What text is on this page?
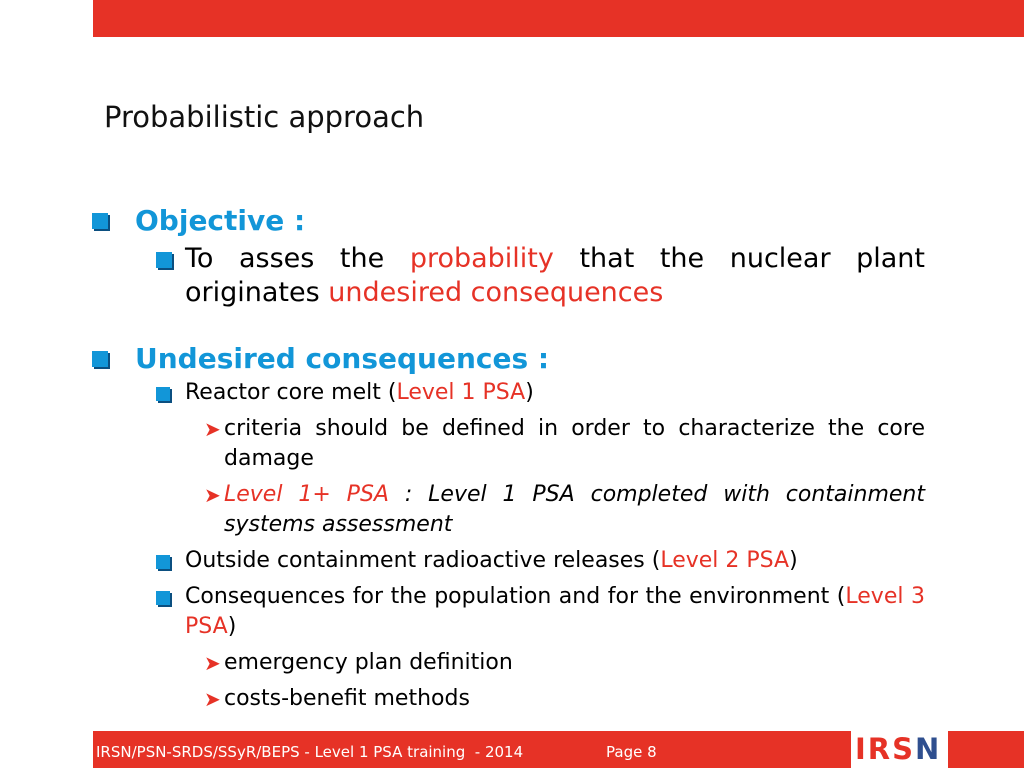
Probabilistic approach
Objective :
To asses the probability that the nuclear plant originates undesired consequences
Undesired consequences :
Reactor core melt (Level 1 PSA)
➤ criteria should be defined in order to characterize the core damage
➤ Level 1+ PSA : Level 1 PSA completed with containment systems assessment
Outside containment radioactive releases (Level 2 PSA)
Consequences for the population and for the environment (Level 3 PSA)
➤ emergency plan definition
➤ costs-benefit methods
IRSN/PSN-SRDS/SSyR/BEPS - Level 1 PSA training  - 2014	Page 8	IRSN
